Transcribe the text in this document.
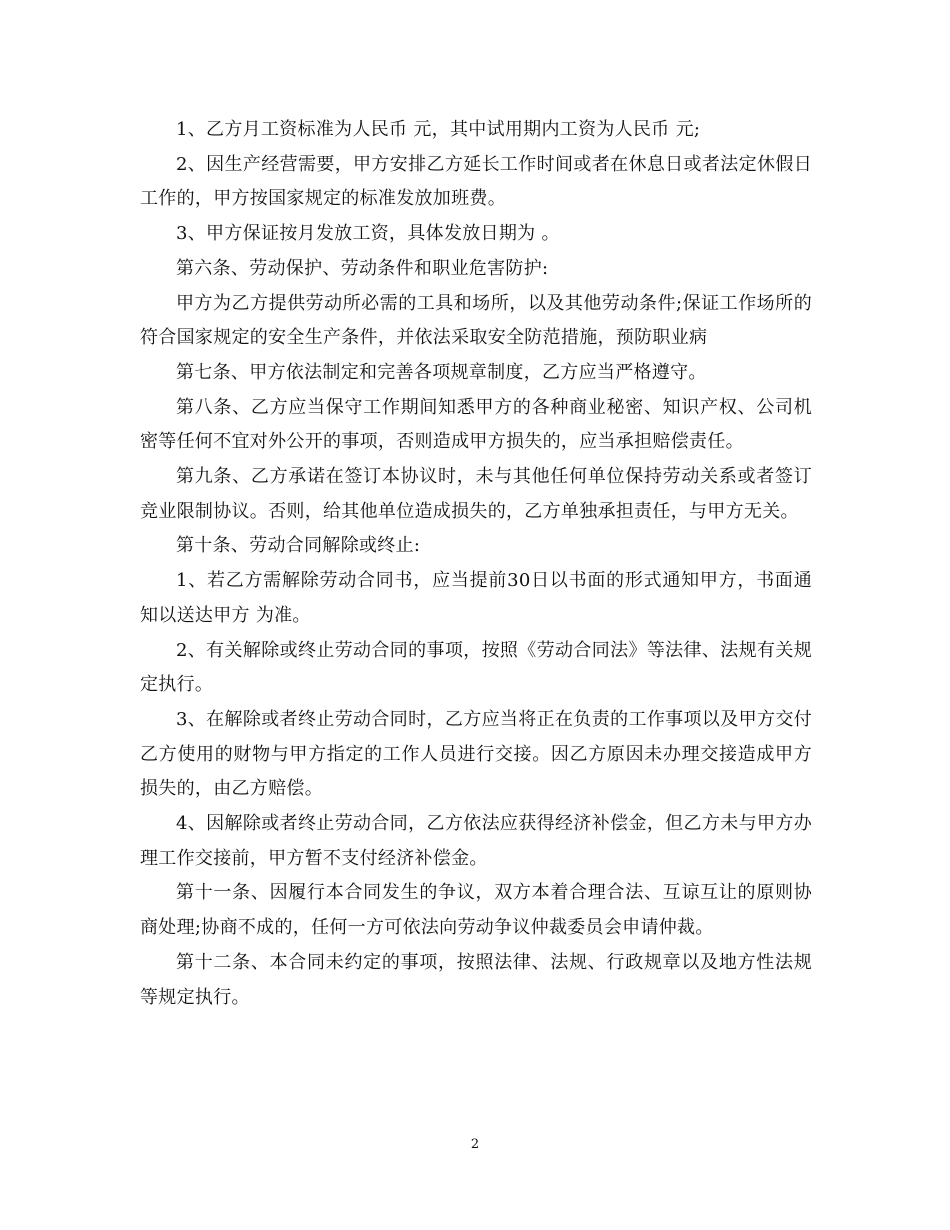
1、乙方月工资标准为人民币 元，其中试用期内工资为人民币 元;

2、因生产经营需要，甲方安排乙方延长工作时间或者在休息日或者法定休假日工作的，甲方按国家规定的标准发放加班费。

3、甲方保证按月发放工资，具体发放日期为 。

第六条、劳动保护、劳动条件和职业危害防护:

甲方为乙方提供劳动所必需的工具和场所，以及其他劳动条件;保证工作场所的符合国家规定的安全生产条件，并依法采取安全防范措施，预防职业病

第七条、甲方依法制定和完善各项规章制度，乙方应当严格遵守。

第八条、乙方应当保守工作期间知悉甲方的各种商业秘密、知识产权、公司机密等任何不宜对外公开的事项，否则造成甲方损失的，应当承担赔偿责任。

第九条、乙方承诺在签订本协议时，未与其他任何单位保持劳动关系或者签订竞业限制协议。否则，给其他单位造成损失的，乙方单独承担责任，与甲方无关。

第十条、劳动合同解除或终止:

1、若乙方需解除劳动合同书，应当提前30日以书面的形式通知甲方，书面通知以送达甲方 为准。

2、有关解除或终止劳动合同的事项，按照《劳动合同法》等法律、法规有关规定执行。

3、在解除或者终止劳动合同时，乙方应当将正在负责的工作事项以及甲方交付乙方使用的财物与甲方指定的工作人员进行交接。因乙方原因未办理交接造成甲方损失的，由乙方赔偿。

4、因解除或者终止劳动合同，乙方依法应获得经济补偿金，但乙方未与甲方办理工作交接前，甲方暂不支付经济补偿金。

第十一条、因履行本合同发生的争议，双方本着合理合法、互谅互让的原则协商处理;协商不成的，任何一方可依法向劳动争议仲裁委员会申请仲裁。

第十二条、本合同未约定的事项，按照法律、法规、行政规章以及地方性法规等规定执行。

2
